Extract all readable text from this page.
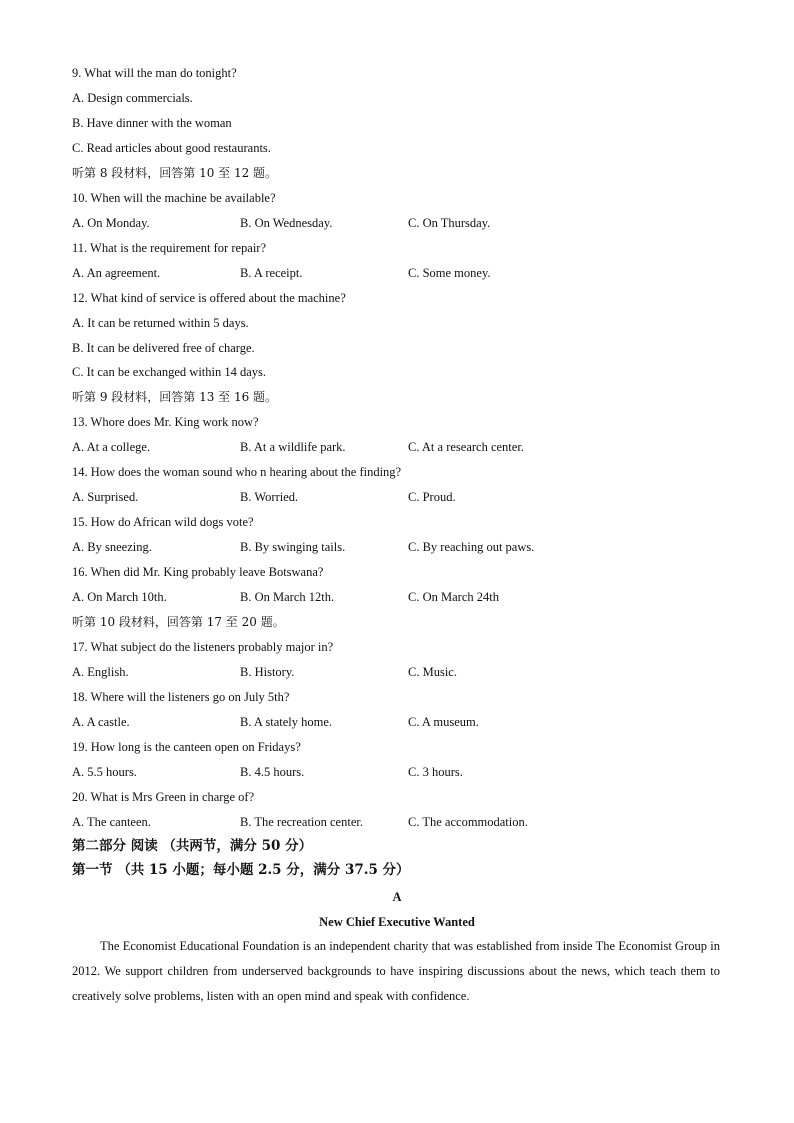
9. What will the man do tonight?
A. Design commercials.
B. Have dinner with the woman
C. Read articles about good restaurants.
听第 8 段材料，回答第 10 至 12 题。
10. When will the machine be available?
A. On Monday.	B. On Wednesday.	C. On Thursday.
11. What is the requirement for repair?
A. An agreement.	B. A receipt.	C. Some money.
12. What kind of service is offered about the machine?
A. It can be returned within 5 days.
B. It can be delivered free of charge.
C. It can be exchanged within 14 days.
听第 9 段材料，回答第 13 至 16 题。
13. Whore does Mr. King work now?
A. At a college.	B. At a wildlife park.	C. At a research center.
14. How does the woman sound who n hearing about the finding?
A. Surprised.	B. Worried.	C. Proud.
15. How do African wild dogs vote?
A. By sneezing.	B. By swinging tails.	C. By reaching out paws.
16. When did Mr. King probably leave Botswana?
A. On March 10th.	B. On March 12th.	C. On March 24th
听第 10 段材料，回答第 17 至 20 题。
17. What subject do the listeners probably major in?
A. English.	B. History.	C. Music.
18. Where will the listeners go on July 5th?
A. A castle.	B. A stately home.	C. A museum.
19. How long is the canteen open on Fridays?
A. 5.5 hours.	B. 4.5 hours.	C. 3 hours.
20. What is Mrs Green in charge of?
A. The canteen.	B. The recreation center.	C. The accommodation.
第二部分 阅读 （共两节，满分 50 分）
第一节 （共 15 小题；每小题 2.5 分，满分 37.5 分）
A
New Chief Executive Wanted
The Economist Educational Foundation is an independent charity that was established from inside The Economist Group in 2012. We support children from underserved backgrounds to have inspiring discussions about the news, which teach them to creatively solve problems, listen with an open mind and speak with confidence.
